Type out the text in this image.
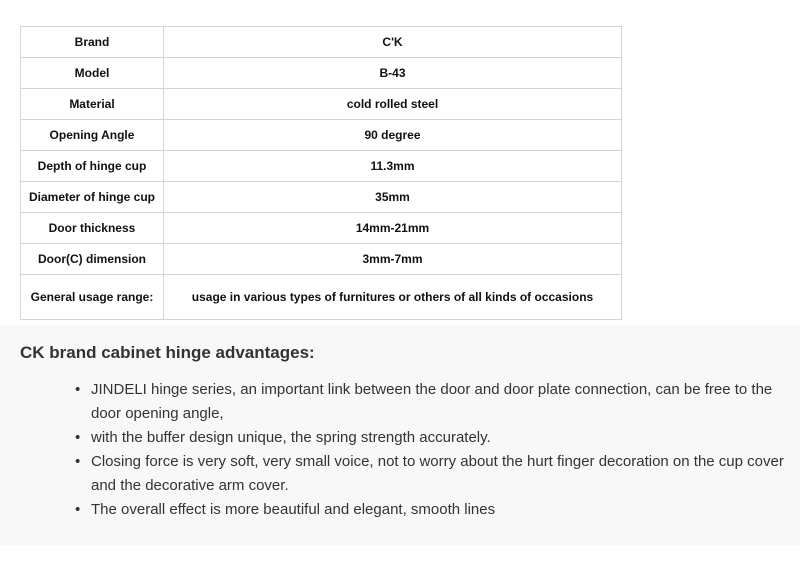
Brand	C'K
Model	B-43
Material	cold rolled steel
Opening Angle	90 degree
Depth of hinge cup	11.3mm
Diameter of hinge cup	35mm
Door thickness	14mm-21mm
Door(C) dimension	3mm-7mm
General usage range:	usage in various types of furnitures or others of all kinds of occasions
CK brand cabinet hinge advantages:
• JINDELI hinge series, an important link between the door and door plate connection, can be free to the door opening angle,
• with the buffer design unique, the spring strength accurately.
• Closing force is very soft, very small voice, not to worry about the hurt finger decoration on the cup cover and the decorative arm cover.
• The overall effect is more beautiful and elegant, smooth lines
